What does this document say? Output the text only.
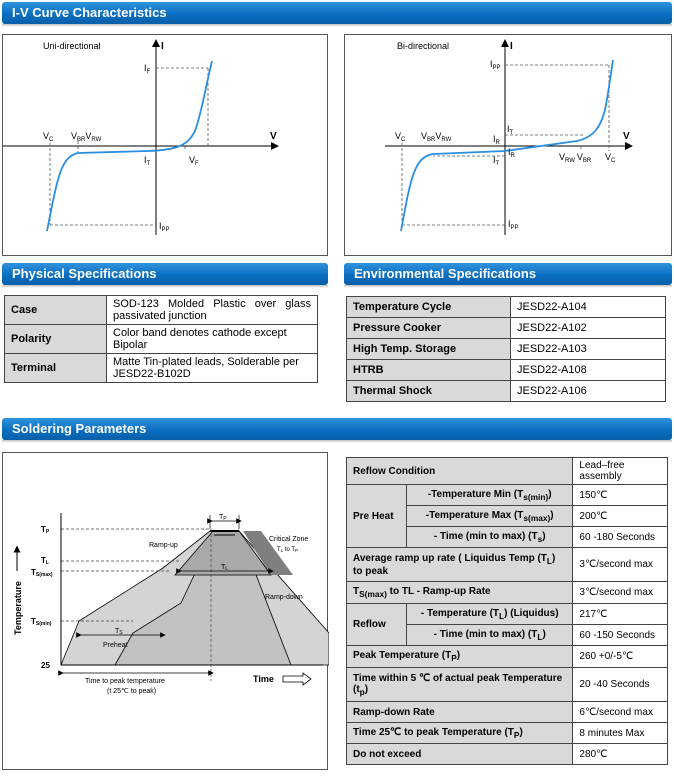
I-V Curve Characteristics
Physical Specifications	Environmental Specifications
Soldering Parameters
Uni-directional	I
V
$I_F$
$V_C$ $V_{BR}V_{RW}$
$I_T$	$V_F$
$I_{PP}$
Bi-directional	I
V
$I_{PP}$
$V_C$ $V_{BR}V_{RW}$
$I_T$
$I_R$
$I_R$
$I_T$
$V_{RW}$ $V_{BR}$ $V_C$
$I_{PP}$
Case	SOD-123 Molded Plastic over glass passivated junction
Polarity	Color band denotes cathode except Bipolar
Terminal	Matte Tin-plated leads, Solderable per JESD22-B102D
Temperature Cycle	JESD22-A104
Pressure Cooker	JESD22-A102
High Temp. Storage	JESD22-A103
HTRB	JESD22-A108
Thermal Shock	JESD22-A106
TP
TL
TS
TP
TL
TS(max)
TS(min)
25
Ramp-up
Ramp-down
Preheat
Critical Zone
TL to TP
Temperature
Time
Time to peak temperature
(t 25℃ to peak)
Reflow Condition		Lead–free assembly
Pre Heat	-Temperature Min $(T_{s(min)})$	150℃
	-Temperature Max $(T_{s(max)})$	200℃
	- Time (min to max) $(T_s)$	60 -180 Seconds
Average ramp up rate ( Liquidus Temp $(T_L)$ to peak		3℃/second max
$T_{S(max)}$ to TL - Ramp-up Rate		3℃/second max
Reflow	- Temperature $(T_L)$ (Liquidus)	217℃
	- Time (min to max) $(T_L)$	60 -150 Seconds
Peak Temperature $(T_P)$		260 +0/-5℃
Time within 5 ℃ of actual peak Temperature $(t_p)$		20 -40 Seconds
Ramp-down Rate		6℃/second max
Time 25℃ to peak Temperature $(T_P)$		8 minutes Max
Do not exceed		280℃
